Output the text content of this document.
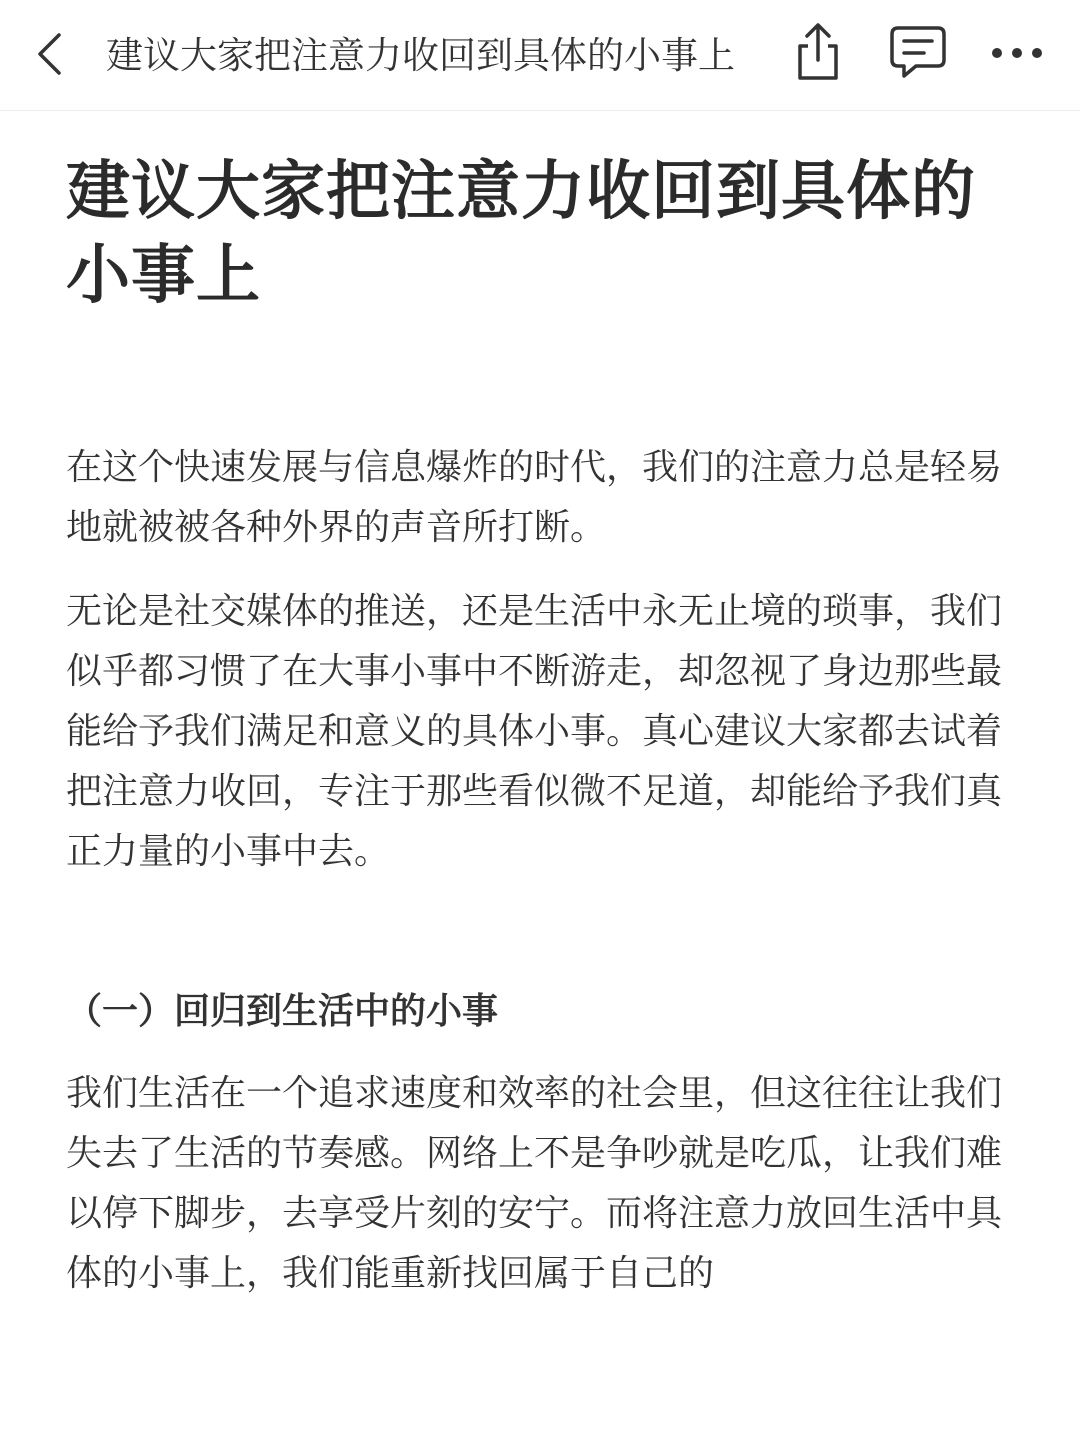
建议大家把注意力收回到具体的小事上
建议大家把注意力收回到具体的小事上

在这个快速发展与信息爆炸的时代，我们的注意力总是轻易地就被被各种外界的声音所打断。

无论是社交媒体的推送，还是生活中永无止境的琐事，我们似乎都习惯了在大事小事中不断游走，却忽视了身边那些最能给予我们满足和意义的具体小事。真心建议大家都去试着把注意力收回，专注于那些看似微不足道，却能给予我们真正力量的小事中去。

（一）回归到生活中的小事

我们生活在一个追求速度和效率的社会里，但这往往让我们失去了生活的节奏感。网络上不是争吵就是吃瓜，让我们难以停下脚步，去享受片刻的安宁。而将注意力放回生活中具体的小事上，我们能重新找回属于自己的
